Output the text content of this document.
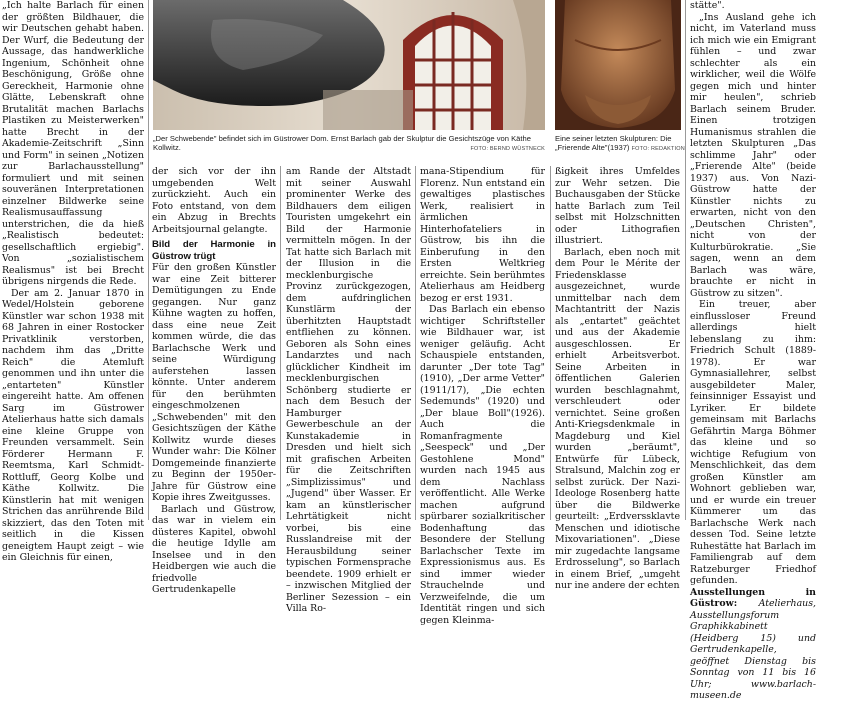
„Ich halte Barlach für einen der größten Bildhauer, die wir Deutschen gehabt haben. Der Wurf, die Bedeutung der Aussage, das handwerkliche Ingenium, Schönheit ohne Beschönigung, Größe ohne Gereckheit, Harmonie ohne Glätte, Lebenskraft ohne Brutalität machen Barlachs Plastiken zu Meisterwerken" hatte Brecht in der Akademie-Zeitschrift „Sinn und Form" in seinen „Notizen zur Barlachausstellung" formuliert und mit seinen souveränen Interpretationen einzelner Bildwerke seine Realismusauffassung unterstrichen, die da hieß „Realistisch bedeutet: gesellschaftlich ergiebig". Von „sozialistischem Realismus" ist bei Brecht übrigens nirgends die Rede.

Der am 2. Januar 1870 in Wedel/Holstein geborene Künstler war schon 1938 mit 68 Jahren in einer Rostocker Privatklinik verstorben, nachdem ihm das „Dritte Reich" die Atemluft genommen und ihn unter die „entarteten" Künstler eingereiht hatte. Am offenen Sarg im Güstrower Atelierhaus hatte sich damals eine kleine Gruppe von Freunden versammelt. Sein Förderer Hermann F. Reemtsma, Karl Schmidt-Rottluff, Georg Kolbe und Käthe Kollwitz. Die Künstlerin hat mit wenigen Strichen das anrührende Bild skizziert, das den Toten mit seitlich in die Kissen geneigtem Haupt zeigt – wie ein Gleichnis für einen,

„Der Schwebende" befindet sich im Güstrower Dom. Ernst Barlach gab der Skulptur die Gesichtszüge von Käthe Kollwitz.	FOTO: BERND WÜSTNECK
Eine seiner letzten Skulpturen: Die „Frierende Alte"(1937) FOTO: REDAKTION

der sich vor der ihn umgebenden Welt zurückzieht. Auch ein Foto entstand, von dem ein Abzug in Brechts Arbeitsjournal gelangte.

Bild der Harmonie in Güstrow trügt

Für den großen Künstler war eine Zeit bitterer Demütigungen zu Ende gegangen. Nur ganz Kühne wagten zu hoffen, dass eine neue Zeit kommen würde, die das Barlachsche Werk und seine Würdigung auferstehen lassen könnte. Unter anderem für den berühmten eingeschmolzenen „Schwebenden" mit den Gesichtszügen der Käthe Kollwitz wurde dieses Wunder wahr: Die Kölner Domgemeinde finanzierte zu Beginn der 1950er-Jahre für Güstrow eine Kopie ihres Zweitgusses.

Barlach und Güstrow, das war in vielem ein düsteres Kapitel, obwohl die heutige Idylle am Inselsee und in den Heidbergen wie auch die friedvolle Gertrudenkapelle

am Rande der Altstadt mit seiner Auswahl prominenter Werke des Bildhauers dem eiligen Touristen umgekehrt ein Bild der Harmonie vermitteln mögen. In der Tat hatte sich Barlach mit der Illusion in die mecklenburgische Provinz zurückgezogen, dem aufdringlichen Kunstlärm der überhitzten Hauptstadt entfliehen zu können. Geboren als Sohn eines Landarztes und nach glücklicher Kindheit im mecklenburgischen Schönberg studierte er nach dem Besuch der Hamburger Gewerbeschule an der Kunstakademie in Dresden und hielt sich mit grafischen Arbeiten für die Zeitschriften „Simplizissimus" und „Jugend" über Wasser. Er kam an künstlerischer Lehrtätigkeit nicht vorbei, bis eine Russlandreise mit der Herausbildung seiner typischen Formensprache beendete. 1909 erhielt er – inzwischen Mitglied der Berliner Sezession – ein Villa Ro-

mana-Stipendium für Florenz. Nun entstand ein gewaltiges plastisches Werk, realisiert in ärmlichen Hinterhofateliers in Güstrow, bis ihn die Einberufung in den Ersten Weltkrieg erreichte. Sein berühmtes Atelierhaus am Heidberg bezog er erst 1931.

Das Barlach ein ebenso wichtiger Schriftsteller wie Bildhauer war, ist weniger geläufig. Acht Schauspiele entstanden, darunter „Der tote Tag" (1910), „Der arme Vetter" (1911/17), „Die echten Sedemunds" (1920) und „Der blaue Boll"(1926). Auch die Romanfragmente „Seespeck" und „Der Gestohlene Mond" wurden nach 1945 aus dem Nachlass veröffentlicht. Alle Werke machen aufgrund spürbarer sozialkritischer Bodenhaftung das Besondere der Stellung Barlachscher Texte im Expressionismus aus. Es sind immer wieder Strauchelnde und Verzweifelnde, die um Identität ringen und sich gegen Kleinma-

ßigkeit ihres Umfeldes zur Wehr setzen. Die Buchausgaben der Stücke hatte Barlach zum Teil selbst mit Holzschnitten oder Lithografien illustriert.

Barlach, eben noch mit dem Pour le Mérite der Friedensklasse ausgezeichnet, wurde unmittelbar nach dem Machtantritt der Nazis als „entartet" geächtet und aus der Akademie ausgeschlossen. Er erhielt Arbeitsverbot. Seine Arbeiten in öffentlichen Galerien wurden beschlagnahmt, verschleudert oder vernichtet. Seine großen Anti-Kriegsdenkmale in Magdeburg und Kiel wurden „beräumt", Entwürfe für Lübeck, Stralsund, Malchin zog er selbst zurück. Der Nazi-Ideologe Rosenberg hatte über die Bildwerke geurteilt: „Erdverssklavte Menschen und idiotische Mixovariationen". „Diese mir zugedachte langsame Erdrosselung", so Barlach in einem Brief, „umgeht nur ine andere der echten

stätte".

„Ins Ausland gehe ich nicht, im Vaterland muss ich mich wie ein Emigrant fühlen – und zwar schlechter als ein wirklicher, weil die Wölfe gegen mich und hinter mir heulen", schrieb Barlach seinem Bruder. Einen trotzigen Humanismus strahlen die letzten Skulpturen „Das schlimme Jahr" oder „Frierende Alte" (beide 1937) aus. Von Nazi-Güstrow hatte der Künstler nichts zu erwarten, nicht von den „Deutschen Christen", nicht von der Kulturbürokratie. „Sie sagen, wenn an dem Barlach was wäre, brauchte er nicht in Güstrow zu sitzen".

Ein treuer, aber einflussloser Freund allerdings hielt lebenslang zu ihm: Friedrich Schult (1889-1978). Er war Gymnasiallehrer, selbst ausgebildeter Maler, feinsinniger Essayist und Lyriker. Er bildete gemeinsam mit Barlachs Gefährtin Marga Böhmer das kleine und so wichtige Refugium von Menschlichkeit, das dem großen Künstler am Wohnort geblieben war, und er wurde ein treuer Kümmerer um das Barlachsche Werk nach dessen Tod. Seine letzte Ruhestätte hat Barlach im Familiengrab auf dem Ratzeburger Friedhof gefunden.

Ausstellungen in Güstrow: Atelierhaus, Ausstellungsforum Graphikkabinett (Heidberg 15) und Gertrudenkapelle, geöffnet Dienstag bis Sonntag von 11 bis 16 Uhr; www.barlach-museen.de
